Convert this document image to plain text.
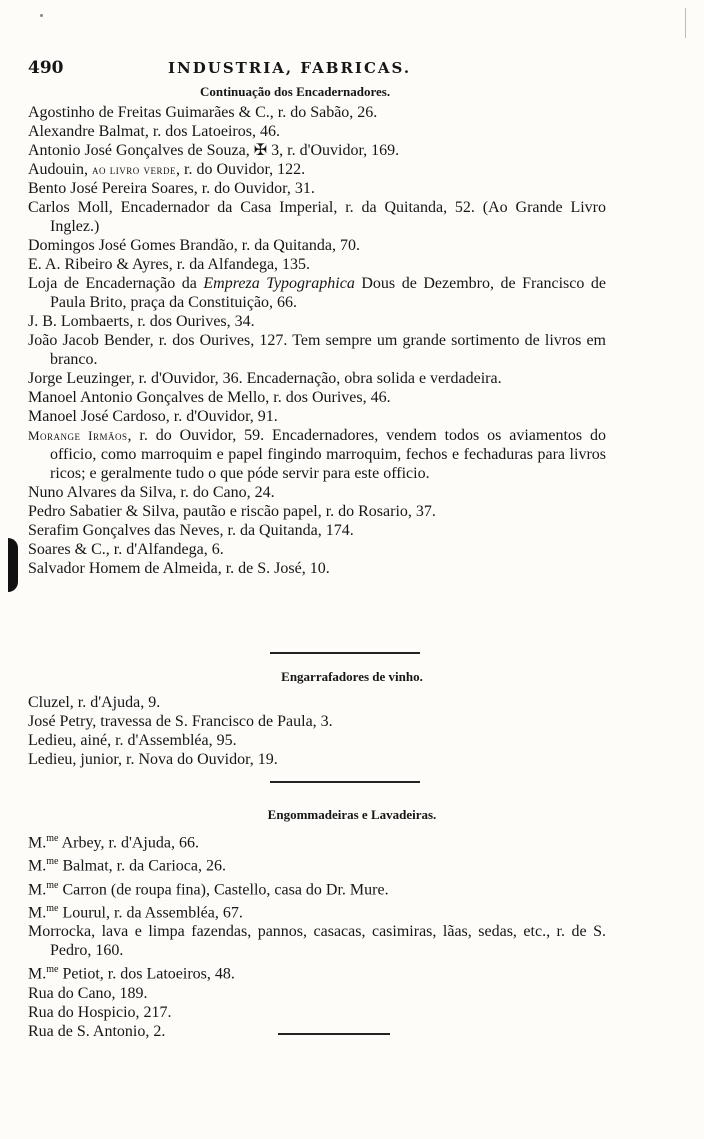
490	INDUSTRIA, FABRICAS.
Continuação dos Encadernadores.
Agostinho de Freitas Guimarães & C., r. do Sabão, 26.
Alexandre Balmat, r. dos Latoeiros, 46.
Antonio José Gonçalves de Souza, ✠ 3, r. d'Ouvidor, 169.
Audouin, ao livro verde, r. do Ouvidor, 122.
Bento José Pereira Soares, r. do Ouvidor, 31.
Carlos Moll, Encadernador da Casa Imperial, r. da Quitanda, 52. (Ao Grande Livro Inglez.)
Domingos José Gomes Brandão, r. da Quitanda, 70.
E. A. Ribeiro & Ayres, r. da Alfandega, 135.
Loja de Encadernação da Empreza Typographica Dous de Dezembro, de Francisco de Paula Brito, praça da Constituição, 66.
J. B. Lombaerts, r. dos Ourives, 34.
João Jacob Bender, r. dos Ourives, 127. Tem sempre um grande sortimento de livros em branco.
Jorge Leuzinger, r. d'Ouvidor, 36. Encadernação, obra solida e verdadeira.
Manoel Antonio Gonçalves de Mello, r. dos Ourives, 46.
Manoel José Cardoso, r. d'Ouvidor, 91.
Morange Irmãos, r. do Ouvidor, 59. Encadernadores, vendem todos os aviamentos do officio, como marroquim e papel fingindo marroquim, fechos e fechaduras para livros ricos; e geralmente tudo o que póde servir para este officio.
Nuno Alvares da Silva, r. do Cano, 24.
Pedro Sabatier & Silva, pautão e riscão papel, r. do Rosario, 37.
Serafim Gonçalves das Neves, r. da Quitanda, 174.
Soares & C., r. d'Alfandega, 6.
Salvador Homem de Almeida, r. de S. José, 10.
Engarrafadores de vinho.
Cluzel, r. d'Ajuda, 9.
José Petry, travessa de S. Francisco de Paula, 3.
Ledieu, ainé, r. d'Assembléa, 95.
Ledieu, junior, r. Nova do Ouvidor, 19.
Engommadeiras e Lavadeiras.
M.$^{me}$ Arbey, r. d'Ajuda, 66.
M.$^{me}$ Balmat, r. da Carioca, 26.
M.$^{me}$ Carron (de roupa fina), Castello, casa do Dr. Mure.
M.$^{me}$ Lourul, r. da Assembléa, 67.
Morrocka, lava e limpa fazendas, pannos, casacas, casimiras, lãas, sedas, etc., r. de S. Pedro, 160.
M.$^{me}$ Petiot, r. dos Latoeiros, 48.
Rua do Cano, 189.
Rua do Hospicio, 217.
Rua de S. Antonio, 2.
